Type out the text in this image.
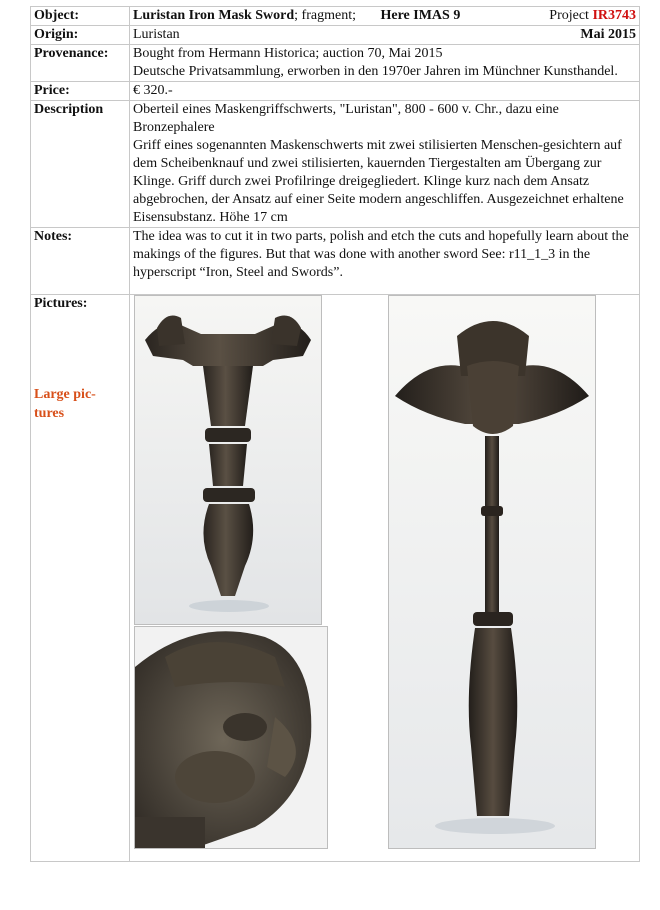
Object:	Luristan Iron Mask Sword; fragment; Here IMAS 9 Project IR3743

Origin:	Luristan Mai 2015

Provenance:	Bought from Hermann Historica; auction 70, Mai 2015
Deutsche Privatsammlung, erworben in den 1970er Jahren im Münchner Kunsthandel.

Price:	€ 320.-
Description	Oberteil eines Maskengriffschwerts, "Luristan", 800 - 600 v. Chr., dazu eine Bronzephalere
Griff eines sogenannten Maskenschwerts mit zwei stilisierten Menschen-gesichtern auf dem Scheibenknauf und zwei stilisierten, kauernden Tiergestalten am Übergang zur Klinge. Griff durch zwei Profilringe dreigegliedert. Klinge kurz nach dem Ansatz abgebrochen, der Ansatz auf einer Seite modern angeschliffen. Ausgezeichnet erhaltene Eisensubstanz. Höhe 17 cm

Notes:	The idea was to cut it in two parts, polish and etch the cuts and hopefully learn about the makings of the figures. But that was done with another sword See: r11_1_3 in the hyperscript “Iron, Steel and Swords”.
Pictures:
Large pic-
tures
